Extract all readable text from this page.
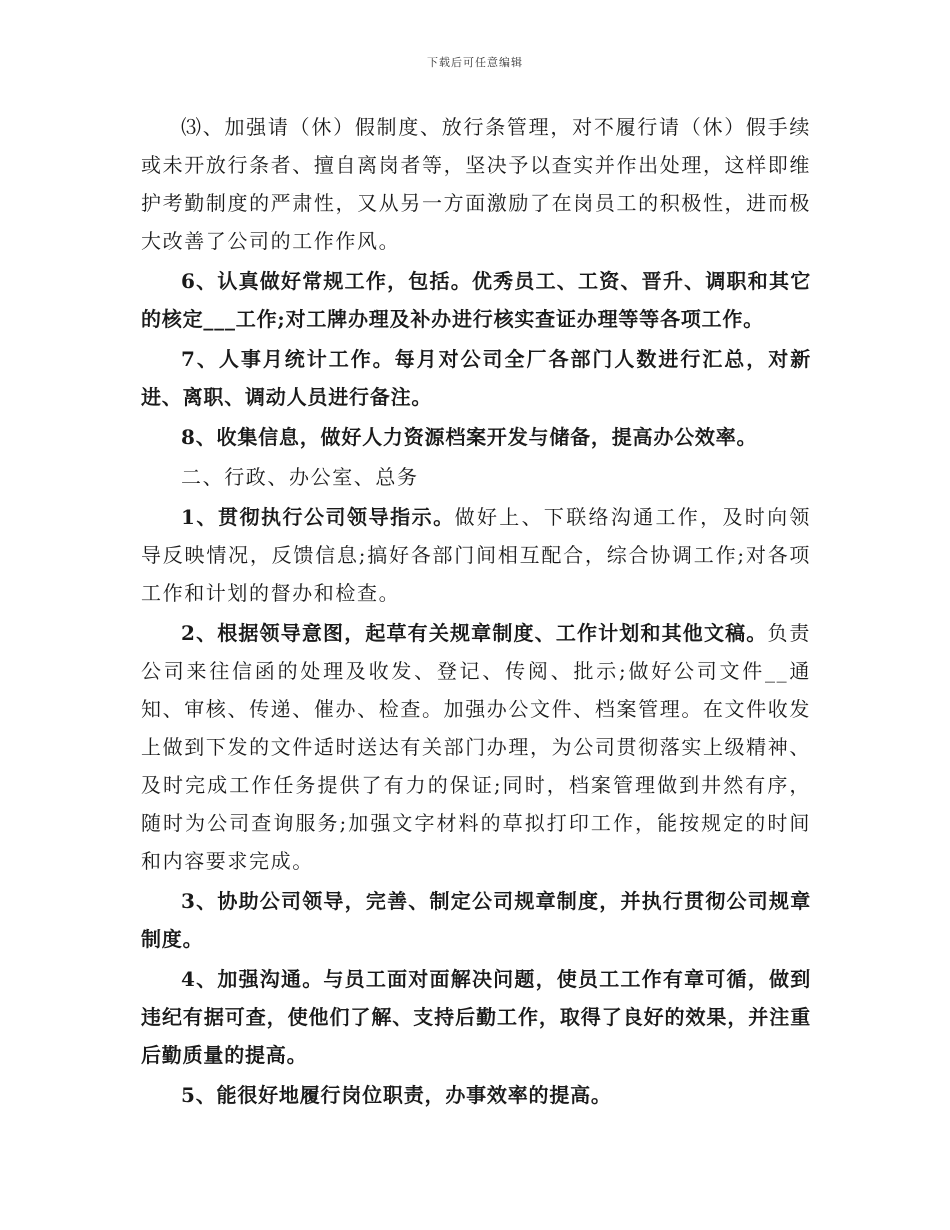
下载后可任意编辑

⑶、加强请（休）假制度、放行条管理，对不履行请（休）假手续或未开放行条者、擅自离岗者等，坚决予以查实并作出处理，这样即维护考勤制度的严肃性，又从另一方面激励了在岗员工的积极性，进而极大改善了公司的工作作风。

6、认真做好常规工作，包括。优秀员工、工资、晋升、调职和其它的核定___工作;对工牌办理及补办进行核实查证办理等等各项工作。

7、人事月统计工作。每月对公司全厂各部门人数进行汇总，对新进、离职、调动人员进行备注。

8、收集信息，做好人力资源档案开发与储备，提高办公效率。

二、行政、办公室、总务

1、贯彻执行公司领导指示。做好上、下联络沟通工作，及时向领导反映情况，反馈信息;搞好各部门间相互配合，综合协调工作;对各项工作和计划的督办和检查。

2、根据领导意图，起草有关规章制度、工作计划和其他文稿。负责公司来往信函的处理及收发、登记、传阅、批示;做好公司文件__通知、审核、传递、催办、检查。加强办公文件、档案管理。在文件收发上做到下发的文件适时送达有关部门办理，为公司贯彻落实上级精神、及时完成工作任务提供了有力的保证;同时，档案管理做到井然有序，随时为公司查询服务;加强文字材料的草拟打印工作，能按规定的时间和内容要求完成。

3、协助公司领导，完善、制定公司规章制度，并执行贯彻公司规章制度。

4、加强沟通。与员工面对面解决问题，使员工工作有章可循，做到违纪有据可查，使他们了解、支持后勤工作，取得了良好的效果，并注重后勤质量的提高。

5、能很好地履行岗位职责，办事效率的提高。
